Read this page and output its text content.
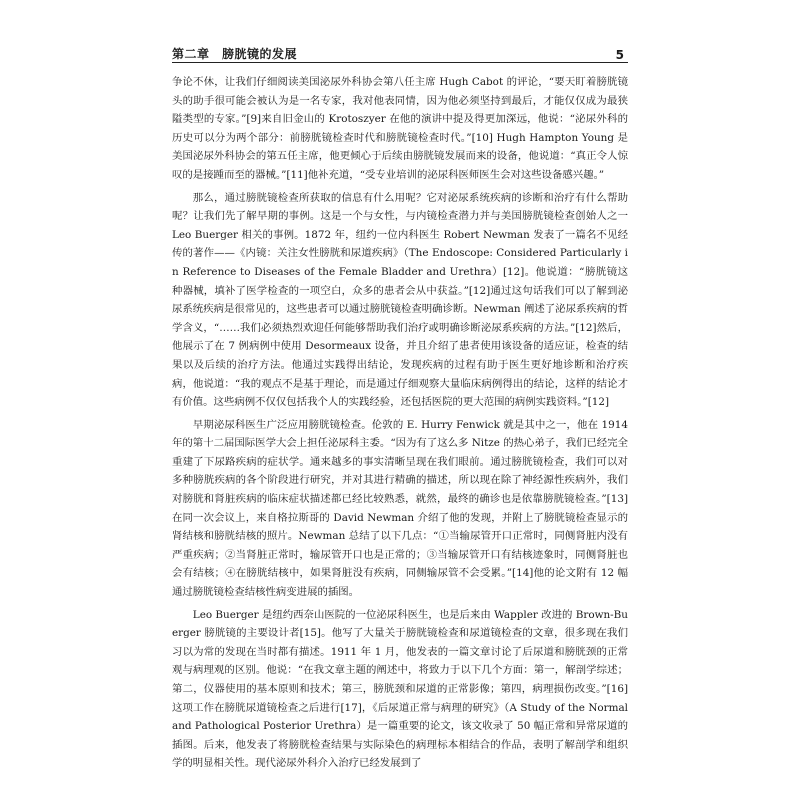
第二章　膀胱镜的发展	5

争论不休，让我们仔细阅读美国泌尿外科协会第八任主席 Hugh Cabot 的评论，“要天盯着膀胱镜头的助手很可能会被认为是一名专家，我对他表同情，因为他必须坚持到最后，才能仅仅成为最狭隘类型的专家。”[9]来自旧金山的 Krotoszyer 在他的演讲中提及得更加深远，他说：“泌尿外科的历史可以分为两个部分：前膀胱镜检查时代和膀胱镜检查时代。”[10] Hugh Hampton Young 是美国泌尿外科协会的第五任主席，他更倾心于后续由膀胱镜发展而来的设备，他说道：“真正令人惊叹的是接踵而至的器械。”[11]他补充道，“受专业培训的泌尿科医师医生会对这些设备感兴趣。”

那么，通过膀胱镜检查所获取的信息有什么用呢？它对泌尿系统疾病的诊断和治疗有什么帮助呢？让我们先了解早期的事例。这是一个与女性，与内镜检查潜力并与美国膀胱镜检查创始人之一 Leo Buerger 相关的事例。1872 年，纽约一位内科医生 Robert Newman 发表了一篇名不见经传的著作——《内镜：关注女性膀胱和尿道疾病》（The Endoscope: Considered Particularly in Reference to Diseases of the Female Bladder and Urethra）[12]。他说道：“膀胱镜这种器械，填补了医学检查的一项空白，众多的患者会从中获益。”[12]通过这句话我们可以了解到泌尿系统疾病是很常见的，这些患者可以通过膀胱镜检查明确诊断。Newman 阐述了泌尿系疾病的哲学含义，“……我们必须热烈欢迎任何能够帮助我们治疗或明确诊断泌尿系疾病的方法。”[12]然后，他展示了在 7 例病例中使用 Desormeaux 设备，并且介绍了患者使用该设备的适应证，检查的结果以及后续的治疗方法。他通过实践得出结论，发现疾病的过程有助于医生更好地诊断和治疗疾病，他说道：“我的观点不是基于理论，而是通过仔细观察大量临床病例得出的结论，这样的结论才有价值。这些病例不仅仅包括我个人的实践经验，还包括医院的更大范围的病例实践资料。”[12]

早期泌尿科医生广泛应用膀胱镜检查。伦敦的 E. Hurry Fenwick 就是其中之一，他在 1914 年的第十二届国际医学大会上担任泌尿科主委。“因为有了这么多 Nitze 的热心弟子，我们已经完全重建了下尿路疾病的症状学。通来越多的事实清晰呈现在我们眼前。通过膀胱镜检查，我们可以对多种膀胱疾病的各个阶段进行研究，并对其进行精确的描述，所以现在除了神经源性疾病外，我们对膀胱和肾脏疾病的临床症状描述都已经比较熟悉，就然，最终的确诊也是依靠膀胱镜检查。”[13]在同一次会议上，来自格拉斯哥的 David Newman 介绍了他的发现，并附上了膀胱镜检查显示的肾结核和膀胱结核的照片。Newman 总结了以下几点：“①当输尿管开口正常时，同侧肾脏内没有严重疾病；②当肾脏正常时，输尿管开口也是正常的；③当输尿管开口有结核迹象时，同侧肾脏也会有结核；④在膀胱结核中，如果肾脏没有疾病，同侧输尿管不会受累。”[14]他的论文附有 12 幅通过膀胱镜检查结核性病变进展的插图。

Leo Buerger 是纽约西奈山医院的一位泌尿科医生，也是后来由 Wappler 改进的 Brown-Buerger 膀胱镜的主要设计者[15]。他写了大量关于膀胱镜检查和尿道镜检查的文章，很多现在我们习以为常的发现在当时都有描述。1911 年 1 月，他发表的一篇文章讨论了后尿道和膀胱颈的正常观与病理观的区别。他说：“在我文章主题的阐述中，将致力于以下几个方面：第一，解剖学综述；第二，仪器使用的基本原则和技术；第三，膀胱颈和尿道的正常影像；第四，病理损伤改变。”[16]这项工作在膀胱尿道镜检查之后进行[17]，《后尿道正常与病理的研究》（A Study of the Normal and Pathological Posterior Urethra）是一篇重要的论文，该文收录了 50 幅正常和异常尿道的插图。后来，他发表了将膀胱检查结果与实际染色的病理标本相结合的作品，表明了解剖学和组织学的明显相关性。现代泌尿外科介入治疗已经发展到了
